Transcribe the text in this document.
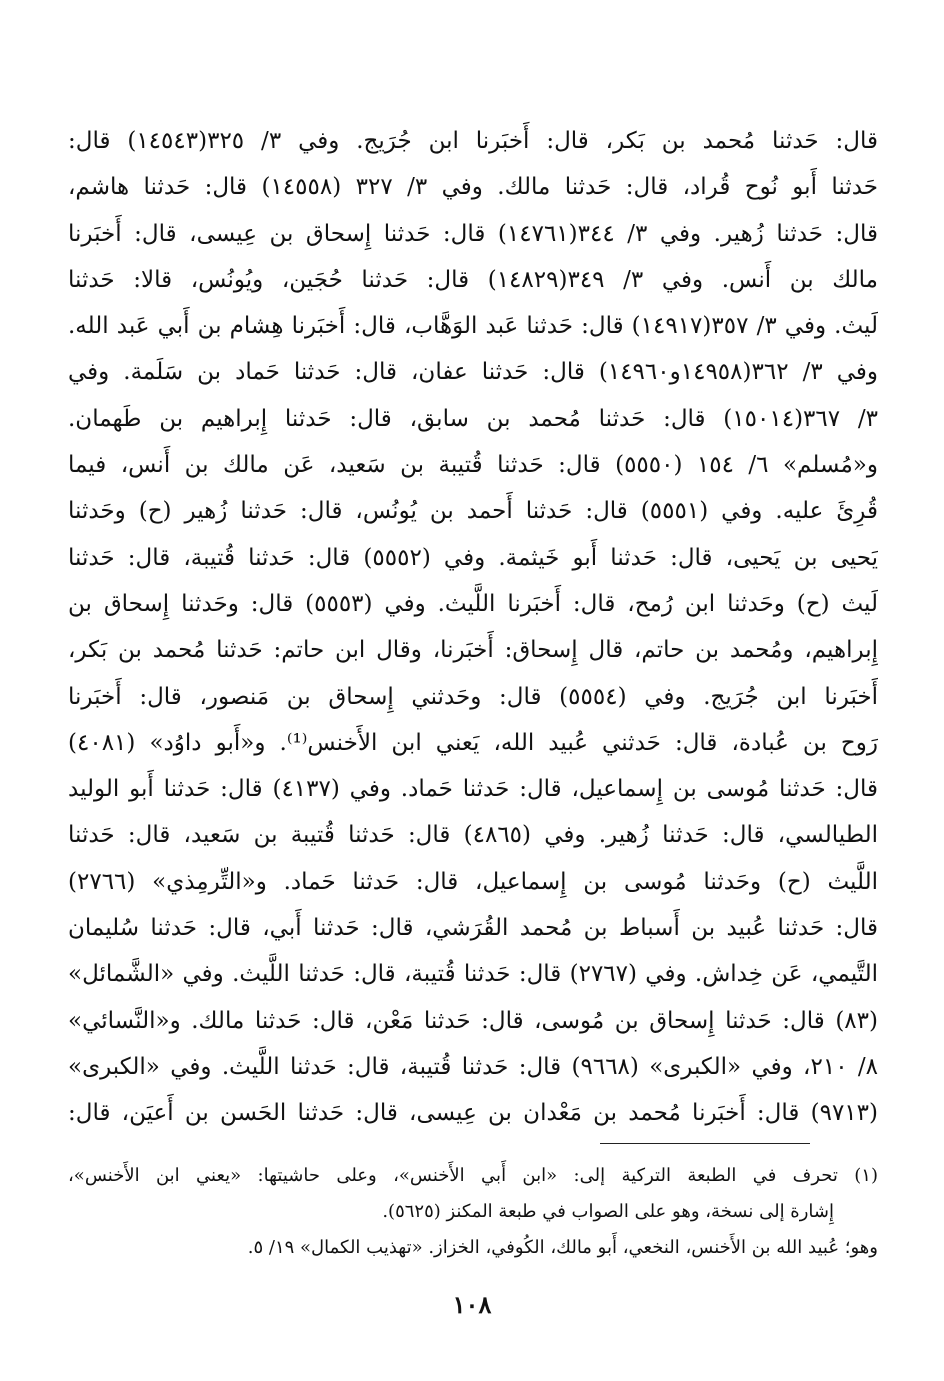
قال: حَدثنا مُحمد بن بَكر، قال: أَخبَرنا ابن جُرَيج. وفي ٣/ ٣٢٥(١٤٥٤٣) قال:
حَدثنا أَبو نُوح قُراد، قال: حَدثنا مالك. وفي ٣/ ٣٢٧ (١٤٥٥٨) قال: حَدثنا هاشم،
قال: حَدثنا زُهير. وفي ٣/ ٣٤٤(١٤٧٦١) قال: حَدثنا إِسحاق بن عِيسى، قال: أَخبَرنا
مالك بن أَنس. وفي ٣/ ٣٤٩(١٤٨٢٩) قال: حَدثنا حُجَين، ويُونُس، قالا: حَدثنا
لَيث. وفي ٣/ ٣٥٧(١٤٩١٧) قال: حَدثنا عَبد الوَهَّاب، قال: أَخبَرنا هِشام بن أَبي عَبد الله.
وفي ٣/ ٣٦٢(١٤٩٥٨و١٤٩٦٠) قال: حَدثنا عفان، قال: حَدثنا حَماد بن سَلَمة. وفي
٣/ ٣٦٧(١٥٠١٤) قال: حَدثنا مُحمد بن سابق، قال: حَدثنا إِبراهيم بن طَهمان.
و«مُسلم» ٦/ ١٥٤ (٥٥٥٠) قال: حَدثنا قُتيبة بن سَعيد، عَن مالك بن أَنس، فيما
قُرِئَ عليه. وفي (٥٥٥١) قال: حَدثنا أَحمد بن يُونُس، قال: حَدثنا زُهير (ح) وحَدثنا
يَحيى بن يَحيى، قال: حَدثنا أَبو خَيثمة. وفي (٥٥٥٢) قال: حَدثنا قُتيبة، قال: حَدثنا
لَيث (ح) وحَدثنا ابن رُمح، قال: أَخبَرنا اللَّيث. وفي (٥٥٥٣) قال: وحَدثنا إِسحاق بن
إِبراهيم، ومُحمد بن حاتم، قال إِسحاق: أَخبَرنا، وقال ابن حاتم: حَدثنا مُحمد بن بَكر،
أَخبَرنا ابن جُرَيج. وفي (٥٥٥٤) قال: وحَدثني إِسحاق بن مَنصور، قال: أَخبَرنا
رَوح بن عُبادة، قال: حَدثني عُبيد الله، يَعني ابن الأَخنس⁽¹⁾. و«أَبو داوُد» (٤٠٨١)
قال: حَدثنا مُوسى بن إِسماعيل، قال: حَدثنا حَماد. وفي (٤١٣٧) قال: حَدثنا أَبو الوليد
الطيالسي، قال: حَدثنا زُهير. وفي (٤٨٦٥) قال: حَدثنا قُتيبة بن سَعيد، قال: حَدثنا
اللَّيث (ح) وحَدثنا مُوسى بن إِسماعيل، قال: حَدثنا حَماد. و«التِّرمِذي» (٢٧٦٦)
قال: حَدثنا عُبيد بن أَسباط بن مُحمد القُرَشي، قال: حَدثنا أَبي، قال: حَدثنا سُليمان
التَّيمي، عَن خِداش. وفي (٢٧٦٧) قال: حَدثنا قُتيبة، قال: حَدثنا اللَّيث. وفي «الشَّمائل»
(٨٣) قال: حَدثنا إِسحاق بن مُوسى، قال: حَدثنا مَعْن، قال: حَدثنا مالك. و«النَّسائي»
٨/ ٢١٠، وفي «الكبرى» (٩٦٦٨) قال: حَدثنا قُتيبة، قال: حَدثنا اللَّيث. وفي «الكبرى»
(٩٧١٣) قال: أَخبَرنا مُحمد بن مَعْدان بن عِيسى، قال: حَدثنا الحَسن بن أَعيَن، قال:
(١) تحرف في الطبعة التركية إلى: «ابن أَبي الأَخنس»، وعلى حاشيتها: «يعني ابن الأَخنس»،
إِشارة إلى نسخة، وهو على الصواب في طبعة المكنز (٥٦٢٥).
وهو؛ عُبيد الله بن الأَخنس، النخعي، أَبو مالك، الكُوفي، الخزاز. «تهذيب الكمال» ١٩/ ٥.
١٠٨
